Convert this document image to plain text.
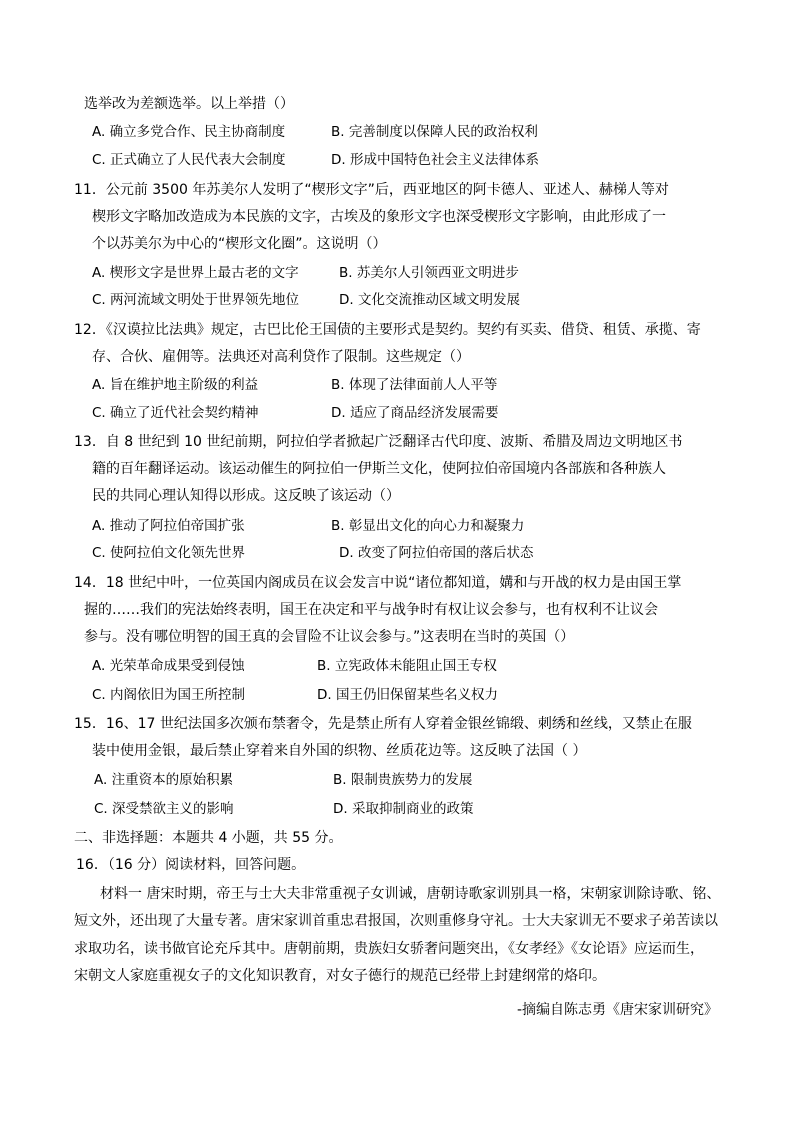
选举改为差额选举。以上举措（）
A. 确立多党合作、民主协商制度	B. 完善制度以保障人民的政治权利
C. 正式确立了人民代表大会制度	D. 形成中国特色社会主义法律体系
11．公元前 3500 年苏美尔人发明了“楔形文字”后，西亚地区的阿卡德人、亚述人、赫梯人等对
楔形文字略加改造成为本民族的文字，古埃及的象形文字也深受楔形文字影响，由此形成了一
个以苏美尔为中心的“楔形文化圈”。这说明（）
A. 楔形文字是世界上最古老的文字	B. 苏美尔人引领西亚文明进步
C. 两河流域文明处于世界领先地位	D. 文化交流推动区域文明发展
12．《汉谟拉比法典》规定，古巴比伦王国债的主要形式是契约。契约有买卖、借贷、租赁、承揽、寄
存、合伙、雇佣等。法典还对高利贷作了限制。这些规定（）
A. 旨在维护地主阶级的利益	B. 体现了法律面前人人平等
C. 确立了近代社会契约精神	D. 适应了商品经济发展需要
13．自 8 世纪到 10 世纪前期，阿拉伯学者掀起广泛翻译古代印度、波斯、希腊及周边文明地区书
籍的百年翻译运动。该运动催生的阿拉伯一伊斯兰文化，使阿拉伯帝国境内各部族和各种族人
民的共同心理认知得以形成。这反映了该运动（）
A. 推动了阿拉伯帝国扩张	B. 彰显出文化的向心力和凝聚力
C. 使阿拉伯文化领先世界	D. 改变了阿拉伯帝国的落后状态
14．18 世纪中叶，一位英国内阁成员在议会发言中说“诸位都知道，媾和与开战的权力是由国王掌
握的……我们的宪法始终表明，国王在决定和平与战争时有权让议会参与，也有权利不让议会
参与。没有哪位明智的国王真的会冒险不让议会参与。”这表明在当时的英国（）
A. 光荣革命成果受到侵蚀	B. 立宪政体未能阻止国王专权
C. 内阁依旧为国王所控制	D. 国王仍旧保留某些名义权力
15．16、17 世纪法国多次颁布禁奢令，先是禁止所有人穿着金银丝锦缎、刺绣和丝线，又禁止在服
装中使用金银，最后禁止穿着来自外国的织物、丝质花边等。这反映了法国（ ）
A. 注重资本的原始积累	B. 限制贵族势力的发展
C. 深受禁欲主义的影响	D. 采取抑制商业的政策
二、非选择题：本题共 4 小题，共 55 分。
16．（16 分）阅读材料，回答问题。
材料一 唐宋时期，帝王与士大夫非常重视子女训诫，唐朝诗歌家训别具一格，宋朝家训除诗歌、铭、
短文外，还出现了大量专著。唐宋家训首重忠君报国，次则重修身守礼。士大夫家训无不要求子弟苦读以
求取功名，读书做官论充斥其中。唐朝前期，贵族妇女骄奢问题突出，《女孝经》《女论语》应运而生，
宋朝文人家庭重视女子的文化知识教育，对女子德行的规范已经带上封建纲常的烙印。
-摘编自陈志勇《唐宋家训研究》
